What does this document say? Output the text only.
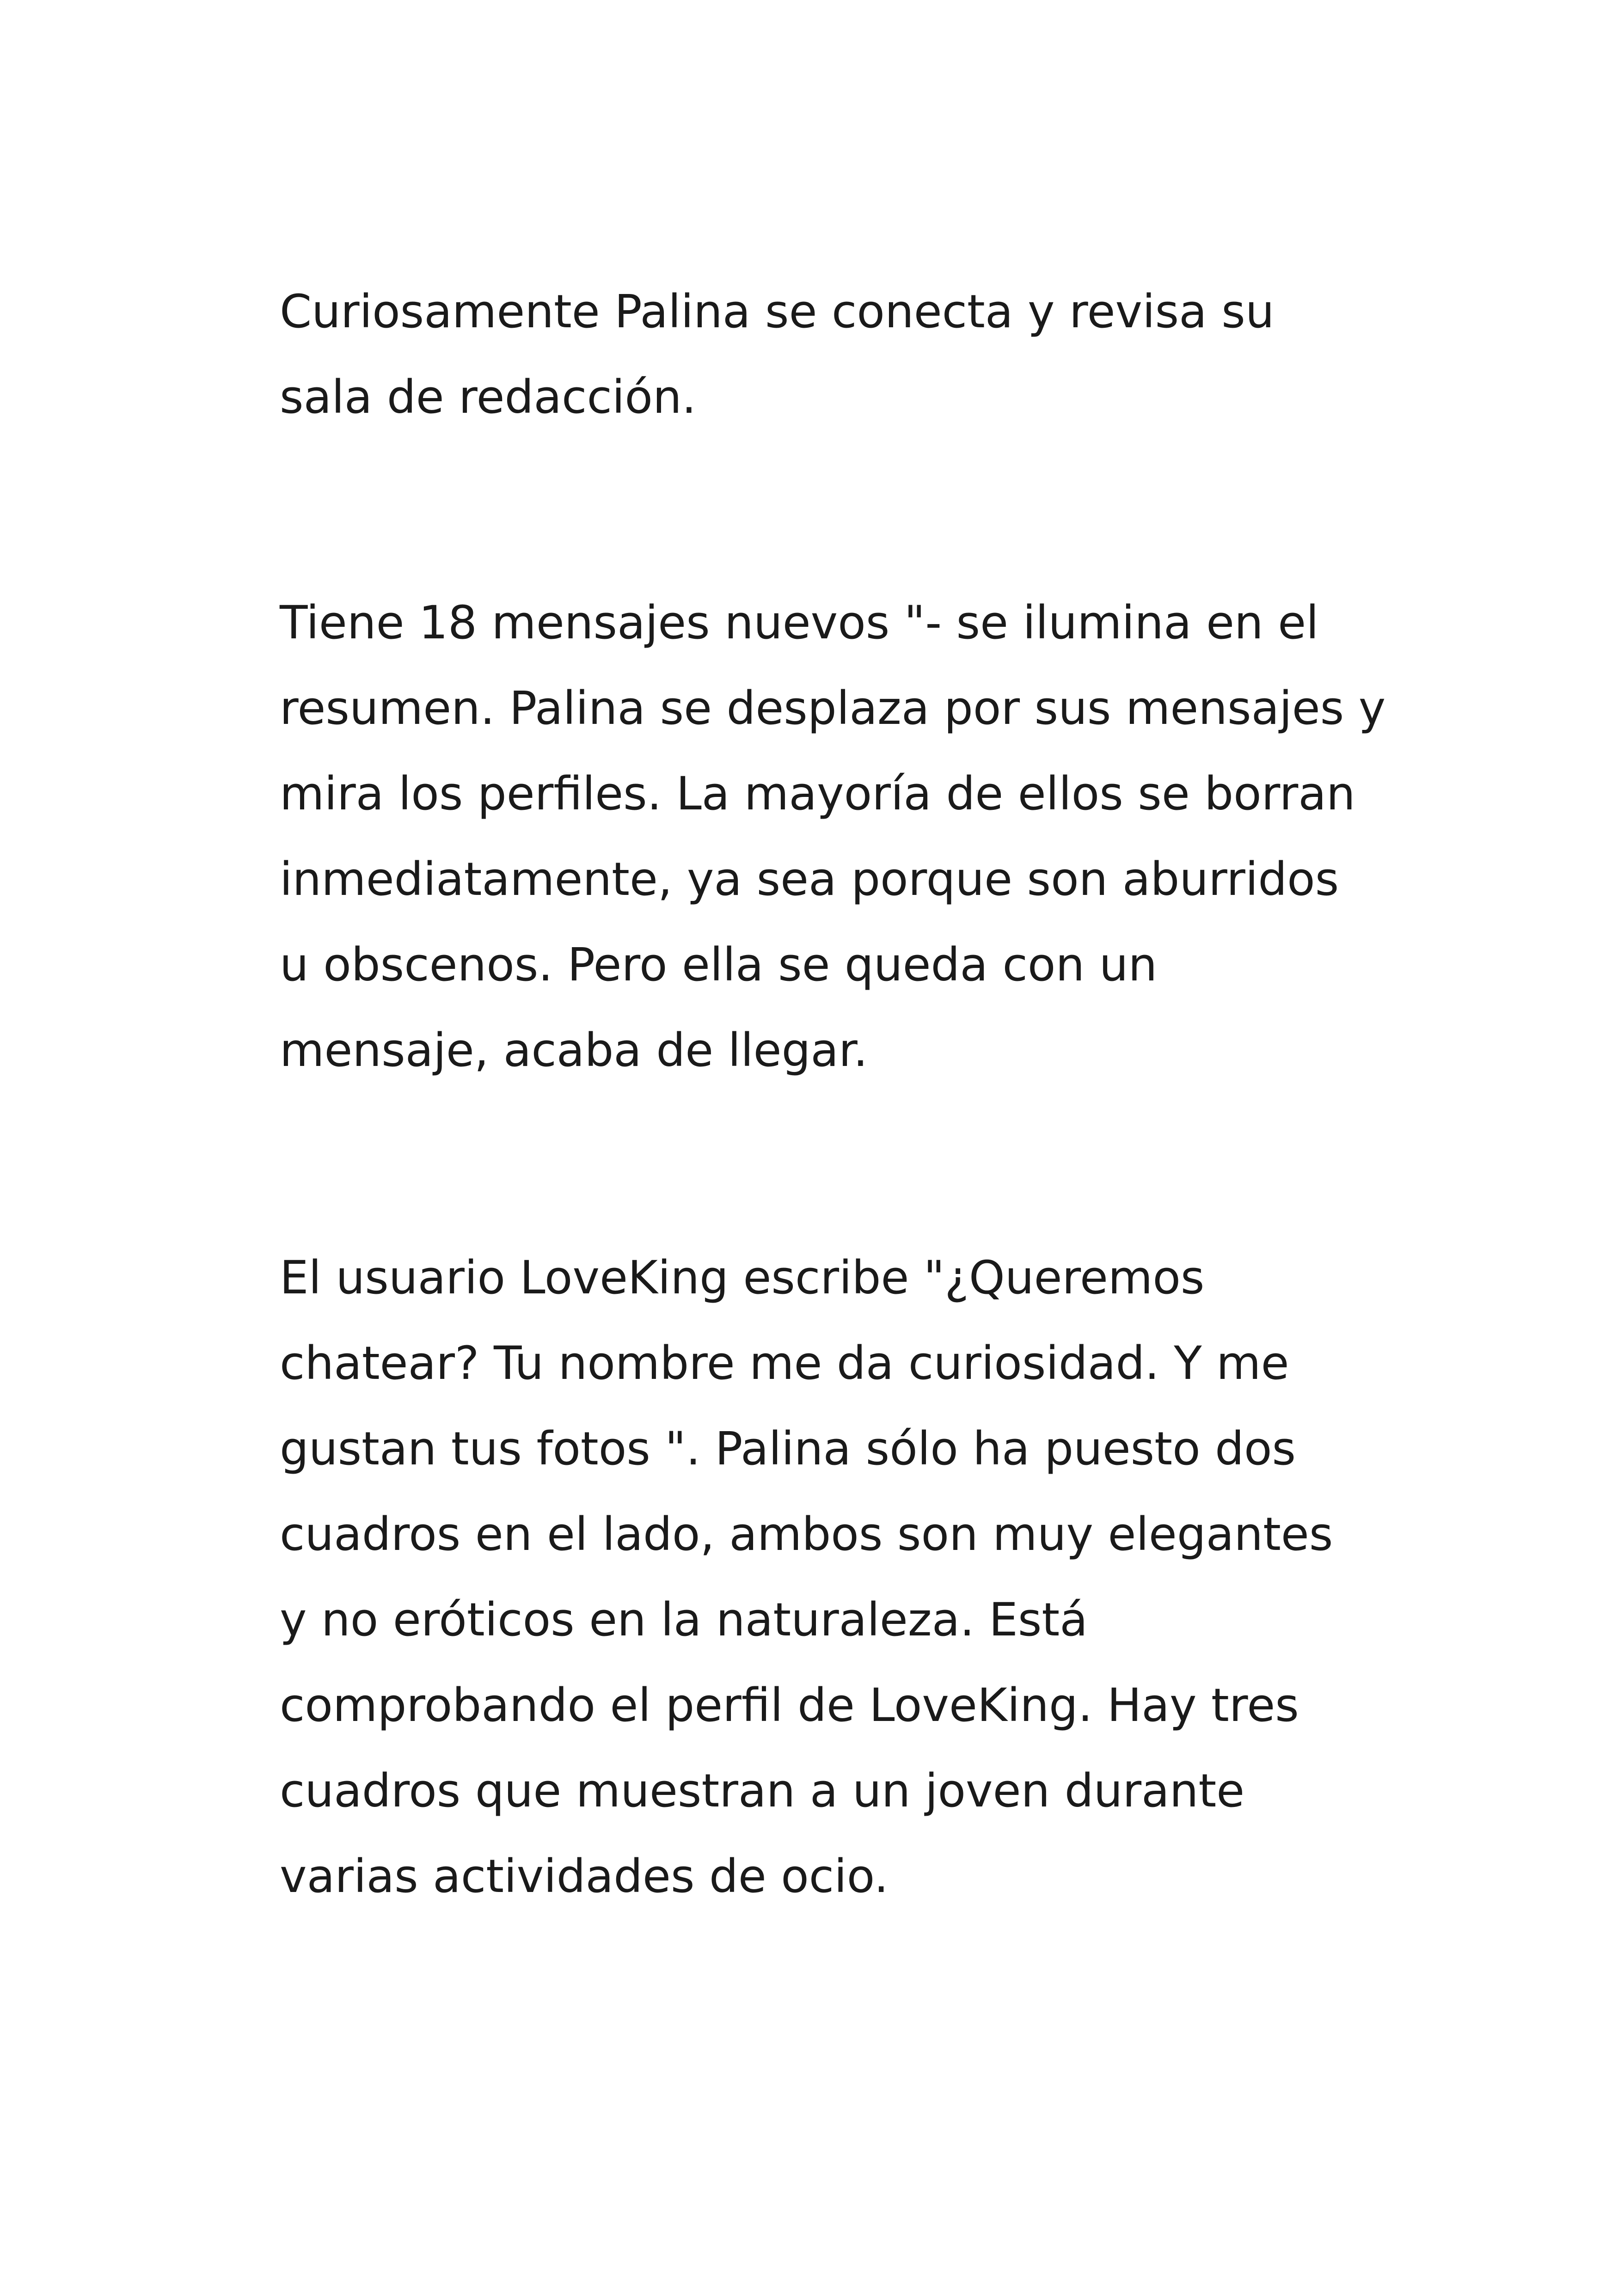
Curiosamente Palina se conecta y revisa su
sala de redacción.
Tiene 18 mensajes nuevos "- se ilumina en el
resumen. Palina se desplaza por sus mensajes y
mira los perfiles. La mayoría de ellos se borran
inmediatamente, ya sea porque son aburridos
u obscenos. Pero ella se queda con un
mensaje, acaba de llegar.
El usuario LoveKing escribe "¿Queremos
chatear? Tu nombre me da curiosidad. Y me
gustan tus fotos ". Palina sólo ha puesto dos
cuadros en el lado, ambos son muy elegantes
y no eróticos en la naturaleza. Está
comprobando el perfil de LoveKing. Hay tres
cuadros que muestran a un joven durante
varias actividades de ocio.
